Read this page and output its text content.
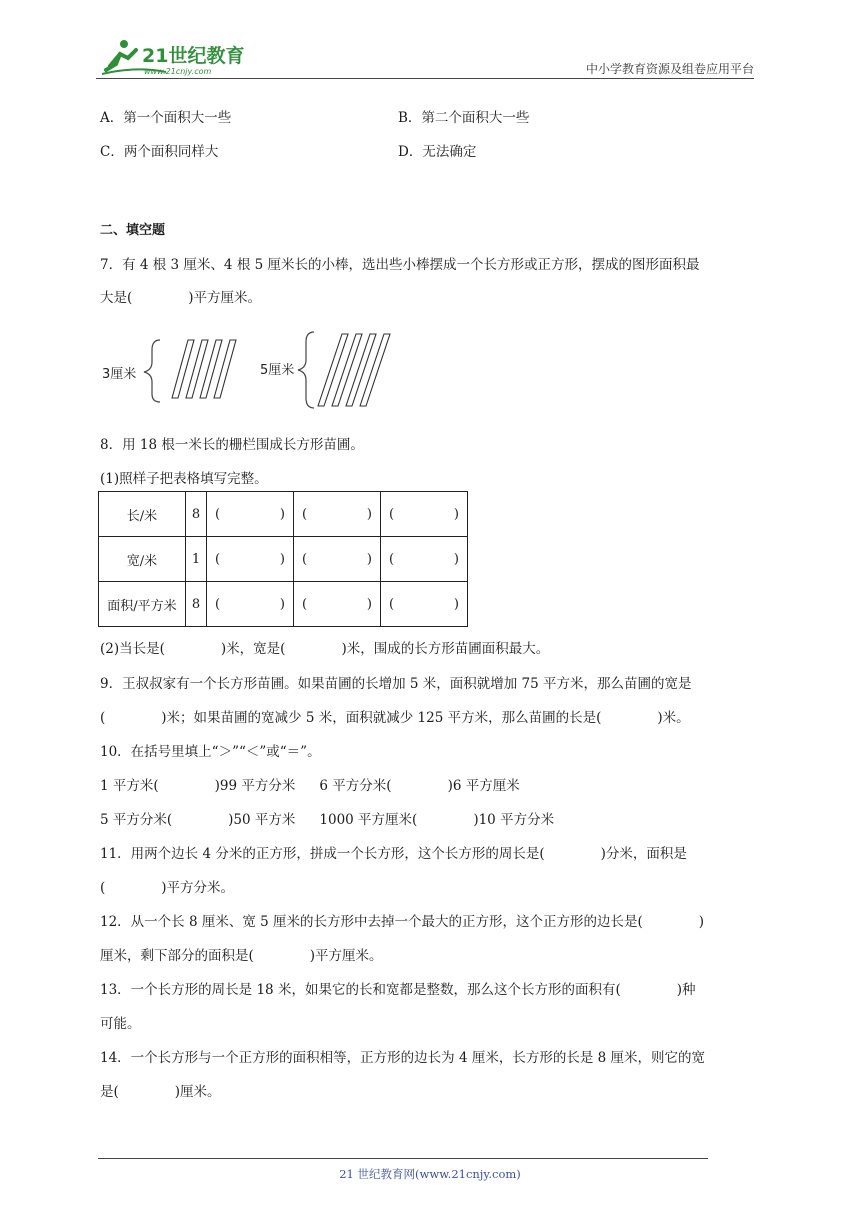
21世纪教育
www.21cnjy.com	中小学教育资源及组卷应用平台
A．第一个面积大一些	B．第二个面积大一些
C．两个面积同样大	D．无法确定
二、填空题
7．有 4 根 3 厘米、4 根 5 厘米长的小棒，选出些小棒摆成一个长方形或正方形，摆成的图形面积最
大是(	)平方厘米。
3厘米	5厘米
8．用 18 根一米长的栅栏围成长方形苗圃。
(1)照样子把表格填写完整。
长/米	8	( )	( )	( )

宽/米	1	( )	( )	( )

面积/平方米	8	( )	( )	( )
(2)当长是(	)米，宽是(	)米，围成的长方形苗圃面积最大。
9．王叔叔家有一个长方形苗圃。如果苗圃的长增加 5 米，面积就增加 75 平方米，那么苗圃的宽是
(	)米；如果苗圃的宽减少 5 米，面积就减少 125 平方米，那么苗圃的长是(	)米。
10．在括号里填上“＞”“＜”或“＝”。
1 平方米(	)99 平方分米 6 平方分米(	)6 平方厘米
5 平方分米(	)50 平方米 1000 平方厘米(	)10 平方分米
11．用两个边长 4 分米的正方形，拼成一个长方形，这个长方形的周长是(	)分米，面积是
(	)平方分米。
12．从一个长 8 厘米、宽 5 厘米的长方形中去掉一个最大的正方形，这个正方形的边长是(	)
厘米，剩下部分的面积是(	)平方厘米。
13．一个长方形的周长是 18 米，如果它的长和宽都是整数，那么这个长方形的面积有(	)种
可能。
14．一个长方形与一个正方形的面积相等，正方形的边长为 4 厘米，长方形的长是 8 厘米，则它的宽
是(	)厘米。
21 世纪教育网(www.21cnjy.com)
